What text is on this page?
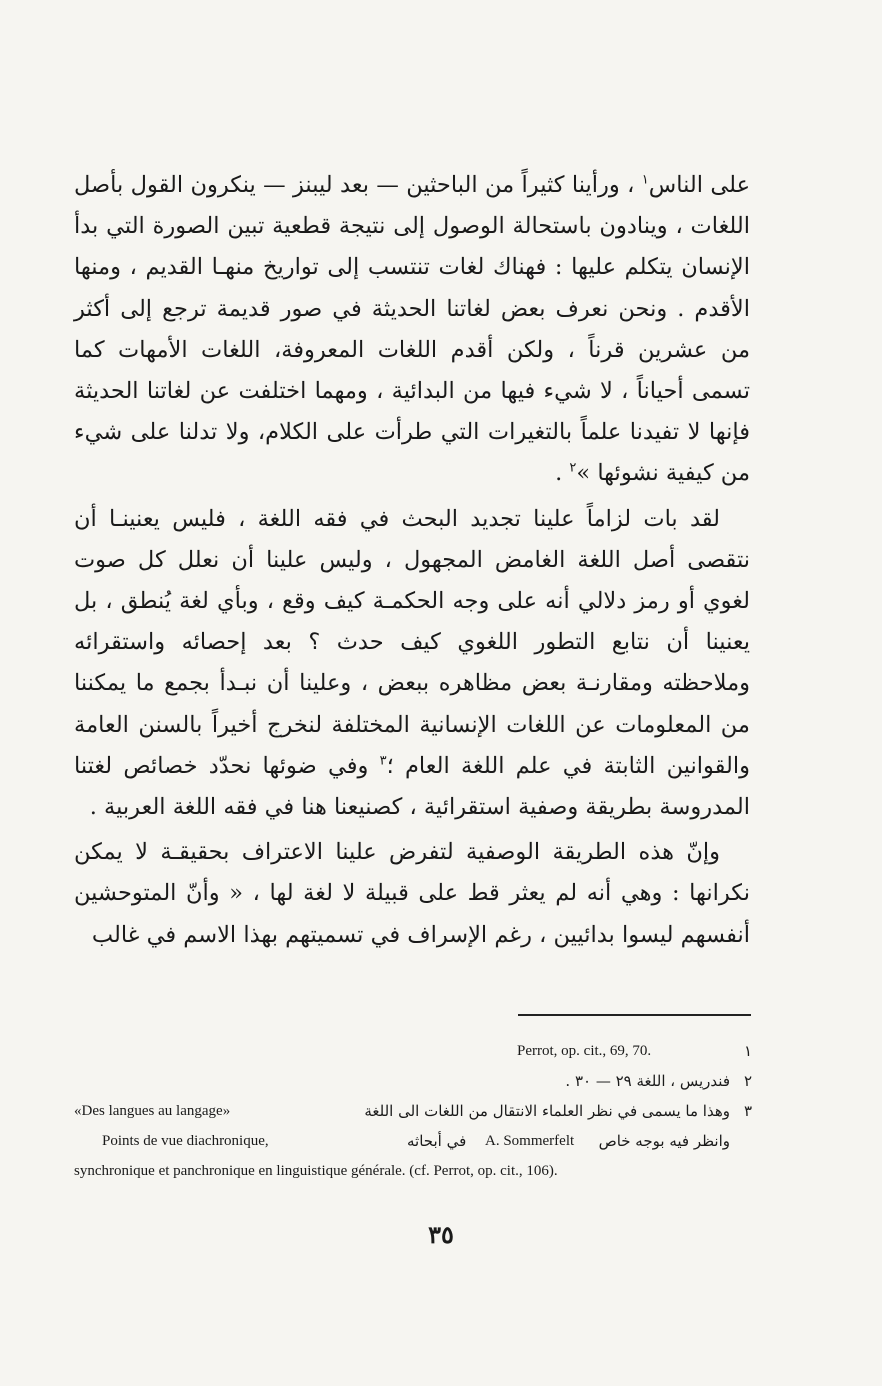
على الناس$^١$ ، ورأينا كثيراً من الباحثين — بعد ليبنز — ينكرون القول بأصل اللغات ، وينادون باستحالة الوصول إلى نتيجة قطعية تبين الصورة التي بدأ الإنسان يتكلم عليها : فهناك لغات تنتسب إلى تواريخ منهـا القديم ، ومنها الأقدم . ونحن نعرف بعض لغاتنا الحديثة في صور قديمة ترجع إلى أكثر من عشرين قرناً ، ولكن أقدم اللغات المعروفة، اللغات الأمهات كما تسمى أحياناً ، لا شيء فيها من البدائية ، ومهما اختلفت عن لغاتنا الحديثة فإنها لا تفيدنا علماً بالتغيرات التي طرأت على الكلام، ولا تدلنا على شيء من كيفية نشوئها »$^٢$ .

لقد بات لزاماً علينا تجديد البحث في فقه اللغة ، فليس يعنينـا أن نتقصى أصل اللغة الغامض المجهول ، وليس علينا أن نعلل كل صوت لغوي أو رمز دلالي أنه على وجه الحكمـة كيف وقع ، وبأي لغة يُنطق ، بل يعنينا أن نتابع التطور اللغوي كيف حدث ؟ بعد إحصائه واستقرائه وملاحظته ومقارنـة بعض مظاهره ببعض ، وعلينا أن نبـدأ بجمع ما يمكننا من المعلومات عن اللغات الإنسانية المختلفة لنخرج أخيراً بالسنن العامة والقوانين الثابتة في علم اللغة العام ؛$^٣$ وفي ضوئها نحدّد خصائص لغتنا المدروسة بطريقة وصفية استقرائية ، كصنيعنا هنا في فقه اللغة العربية .

وإنّ هذه الطريقة الوصفية لتفرض علينا الاعتراف بحقيقـة لا يمكن نكرانها : وهي أنه لم يعثر قط على قبيلة لا لغة لها ، « وأنّ المتوحشين أنفسهم ليسوا بدائيين ، رغم الإسراف في تسميتهم بهذا الاسم في غالب

Perrot, op. cit., 69, 70.	١
فندريس ، اللغة ٢٩ — ٣٠ . ٢
«Des langues au langage»	وهذا ما يسمى في نظر العلماء الانتقال من اللغات الى اللغة ٣
Points de vue diachronique,	في أبحاثه A. Sommerfelt وانظر فيه بوجه خاص
synchronique et panchronique en linguistique générale. (cf. Perrot, op. cit., 106).
٣٥
